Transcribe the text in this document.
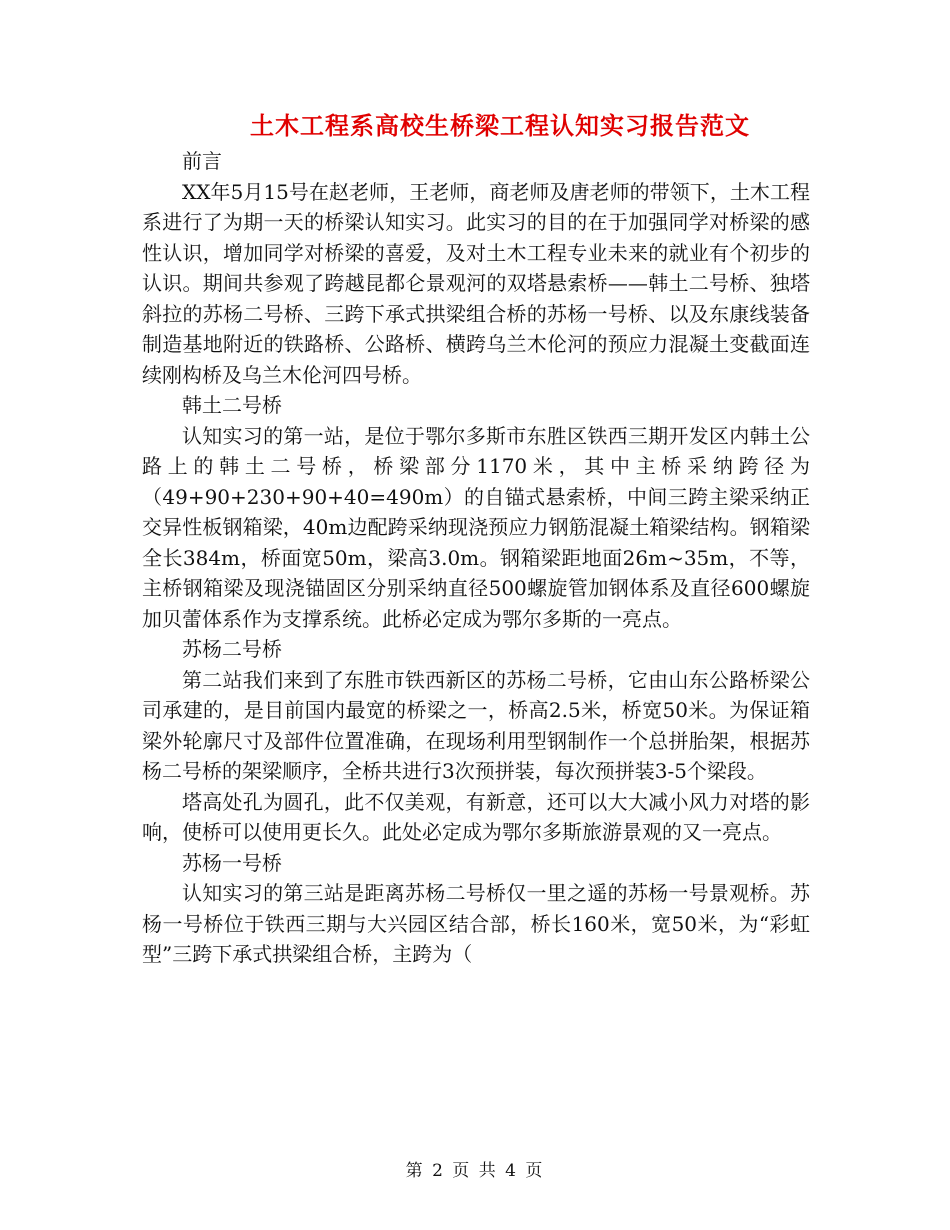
土木工程系高校生桥梁工程认知实习报告范文

前言

XX年5月15号在赵老师，王老师，商老师及唐老师的带领下，土木工程系进行了为期一天的桥梁认知实习。此实习的目的在于加强同学对桥梁的感性认识，增加同学对桥梁的喜爱，及对土木工程专业未来的就业有个初步的认识。期间共参观了跨越昆都仑景观河的双塔悬索桥——韩土二号桥、独塔斜拉的苏杨二号桥、三跨下承式拱梁组合桥的苏杨一号桥、以及东康线装备制造基地附近的铁路桥、公路桥、横跨乌兰木伦河的预应力混凝土变截面连续刚构桥及乌兰木伦河四号桥。

韩土二号桥

认知实习的第一站，是位于鄂尔多斯市东胜区铁西三期开发区内韩土公路上的韩土二号桥，桥梁部分1170米，其中主桥采纳跨径为（49+90+230+90+40=490m）的自锚式悬索桥，中间三跨主梁采纳正交异性板钢箱梁，40m边配跨采纳现浇预应力钢筋混凝土箱梁结构。钢箱梁全长384m，桥面宽50m，梁高3.0m。钢箱梁距地面26m~35m，不等，主桥钢箱梁及现浇锚固区分别采纳直径500螺旋管加钢体系及直径600螺旋加贝蕾体系作为支撑系统。此桥必定成为鄂尔多斯的一亮点。

苏杨二号桥

第二站我们来到了东胜市铁西新区的苏杨二号桥，它由山东公路桥梁公司承建的，是目前国内最宽的桥梁之一，桥高2.5米，桥宽50米。为保证箱梁外轮廓尺寸及部件位置准确，在现场利用型钢制作一个总拼胎架，根据苏杨二号桥的架梁顺序，全桥共进行3次预拼装，每次预拼装3-5个梁段。

塔高处孔为圆孔，此不仅美观，有新意，还可以大大减小风力对塔的影响，使桥可以使用更长久。此处必定成为鄂尔多斯旅游景观的又一亮点。

苏杨一号桥

认知实习的第三站是距离苏杨二号桥仅一里之遥的苏杨一号景观桥。苏杨一号桥位于铁西三期与大兴园区结合部，桥长160米，宽50米，为“彩虹型”三跨下承式拱梁组合桥，主跨为（

第 2 页 共 4 页
